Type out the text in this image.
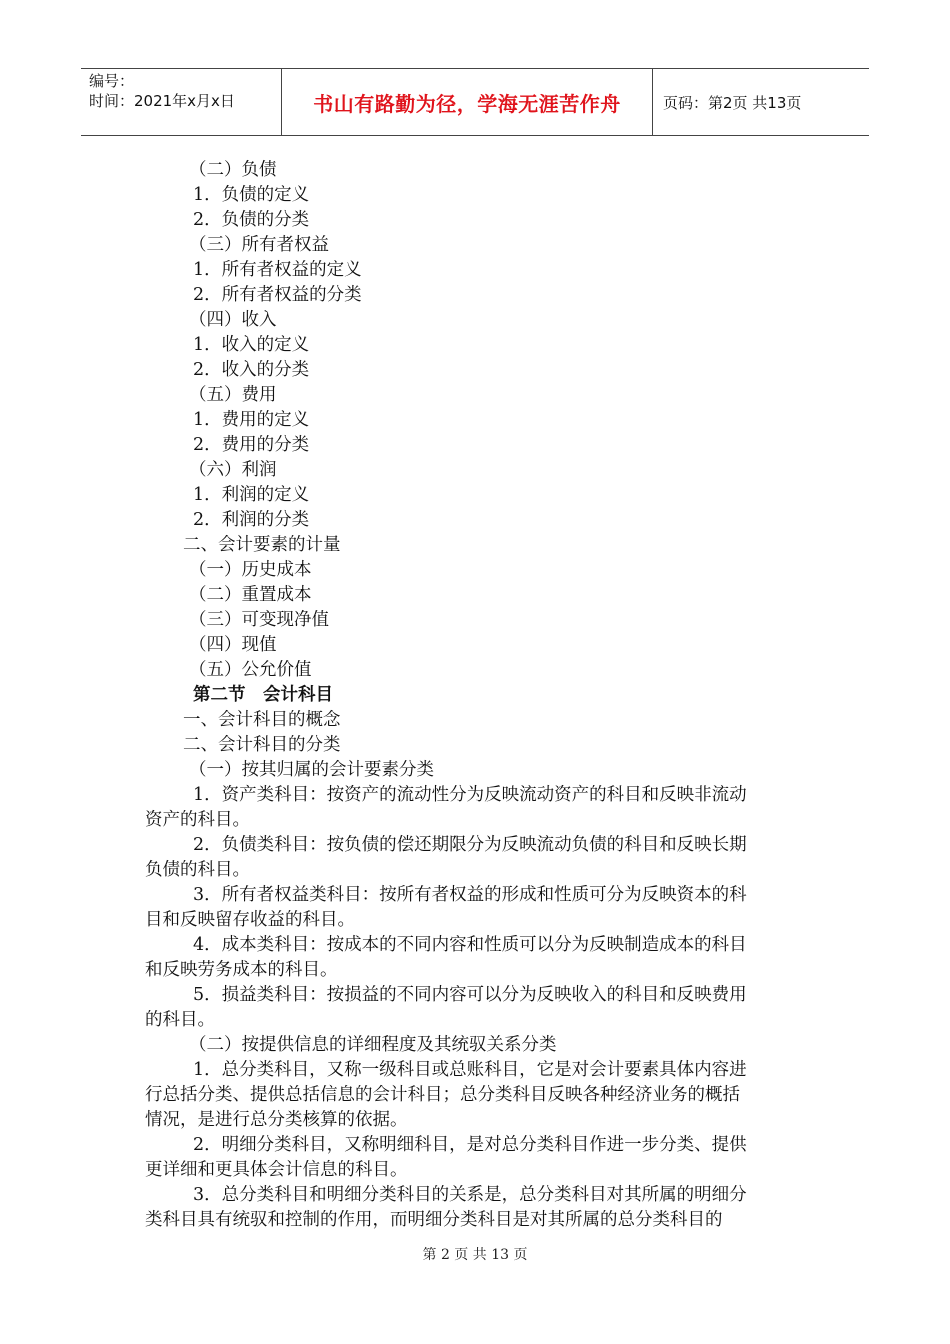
编号：
时间：2021年x月x日	书山有路勤为径，学海无涯苦作舟	页码：第2页 共13页
（二）负债
1．负债的定义
2．负债的分类
（三）所有者权益
1．所有者权益的定义
2．所有者权益的分类
（四）收入
1．收入的定义
2．收入的分类
（五）费用
1．费用的定义
2．费用的分类
（六）利润
1．利润的定义
2．利润的分类
二、会计要素的计量
（一）历史成本
（二）重置成本
（三）可变现净值
（四）现值
（五）公允价值
第二节　会计科目
一、会计科目的概念
二、会计科目的分类
（一）按其归属的会计要素分类
1．资产类科目：按资产的流动性分为反映流动资产的科目和反映非流动
资产的科目。
2．负债类科目：按负债的偿还期限分为反映流动负债的科目和反映长期
负债的科目。
3．所有者权益类科目：按所有者权益的形成和性质可分为反映资本的科
目和反映留存收益的科目。
4．成本类科目：按成本的不同内容和性质可以分为反映制造成本的科目
和反映劳务成本的科目。
5．损益类科目：按损益的不同内容可以分为反映收入的科目和反映费用
的科目。
（二）按提供信息的详细程度及其统驭关系分类
1．总分类科目，又称一级科目或总账科目，它是对会计要素具体内容进
行总括分类、提供总括信息的会计科目；总分类科目反映各种经济业务的概括
情况，是进行总分类核算的依据。
2．明细分类科目，又称明细科目，是对总分类科目作进一步分类、提供
更详细和更具体会计信息的科目。
3．总分类科目和明细分类科目的关系是，总分类科目对其所属的明细分
类科目具有统驭和控制的作用，而明细分类科目是对其所属的总分类科目的
第 2 页 共 13 页
